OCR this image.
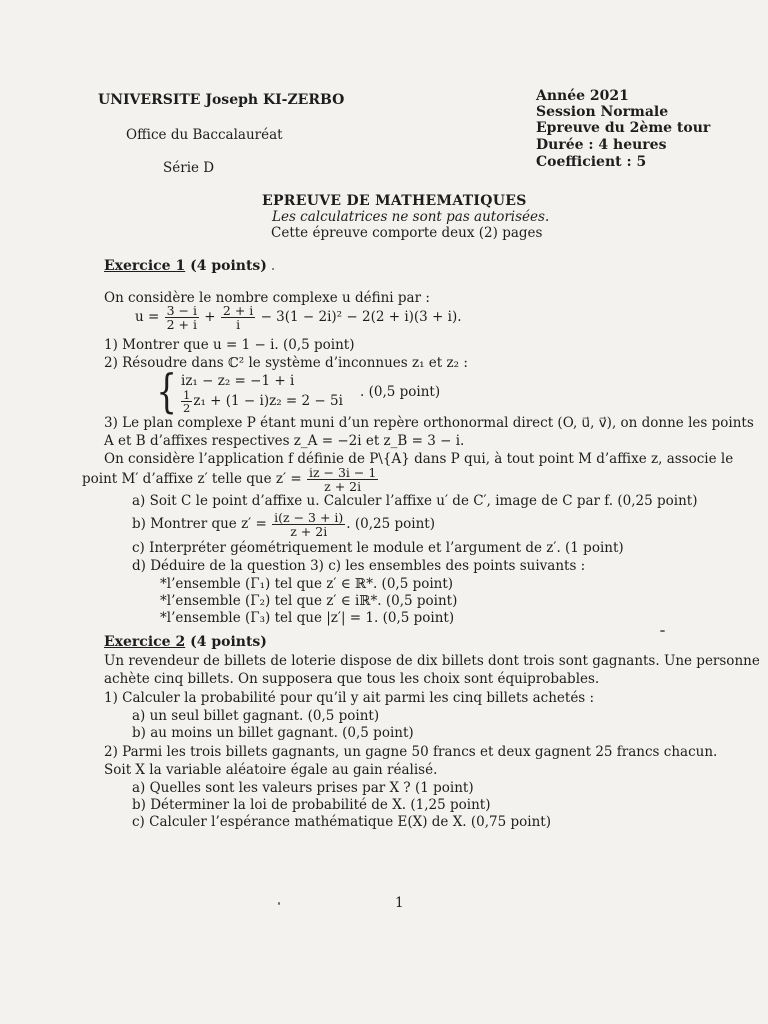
UNIVERSITE Joseph KI-ZERBO
Office du Baccalauréat
Série D
Année 2021
Session Normale
Epreuve du 2ème tour
Durée : 4 heures
Coefficient : 5
EPREUVE DE MATHEMATIQUES
Les calculatrices ne sont pas autorisées.
Cette épreuve comporte deux (2) pages
Exercice 1 (4 points)
On considère le nombre complexe u défini par :
$u = \frac{3 - i}{2 + i} + \frac{2 + i}{i} - 3(1 - 2i)^2 - 2(2 + i)(3 + i)$.
1) Montrer que u = 1 − i. (0,5 point)
2) Résoudre dans ℂ² le système d’inconnues z₁ et z₂ :
{ iz₁ − z₂ = −1 + i
$\frac{1}{2} z_1 + (1 - i)z_2 = 2 - 5i$
. (0,5 point)
3) Le plan complexe P étant muni d’un repère orthonormal direct (O, u⃗, v⃗), on donne les points
A et B d’affixes respectives z_A = −2i et z_B = 3 − i.
On considère l’application f définie de P\{A} dans P qui, à tout point M d’affixe z, associe le
point M′ d’affixe z′ telle que $z' = \frac{iz - 3i - 1}{z + 2i}$
a) Soit C le point d’affixe u. Calculer l’affixe u′ de C′, image de C par f. (0,25 point)
b) Montrer que $z' = \frac{i(z - 3 + i)}{z + 2i}$ . (0,25 point)
c) Interpréter géométriquement le module et l’argument de z′. (1 point)
d) Déduire de la question 3) c) les ensembles des points suivants :
*l’ensemble (Γ₁) tel que z′ ∈ ℝ*. (0,5 point)
*l’ensemble (Γ₂) tel que z′ ∈ iℝ*. (0,5 point)
*l’ensemble (Γ₃) tel que |z′| = 1. (0,5 point)
Exercice 2 (4 points)
Un revendeur de billets de loterie dispose de dix billets dont trois sont gagnants. Une personne
achète cinq billets. On supposera que tous les choix sont équiprobables.
1) Calculer la probabilité pour qu’il y ait parmi les cinq billets achetés :
a) un seul billet gagnant. (0,5 point)
b) au moins un billet gagnant. (0,5 point)
2) Parmi les trois billets gagnants, un gagne 50 francs et deux gagnent 25 francs chacun.
Soit X la variable aléatoire égale au gain réalisé.
a) Quelles sont les valeurs prises par X ? (1 point)
b) Déterminer la loi de probabilité de X. (1,25 point)
c) Calculer l’espérance mathématique E(X) de X. (0,75 point)
1
